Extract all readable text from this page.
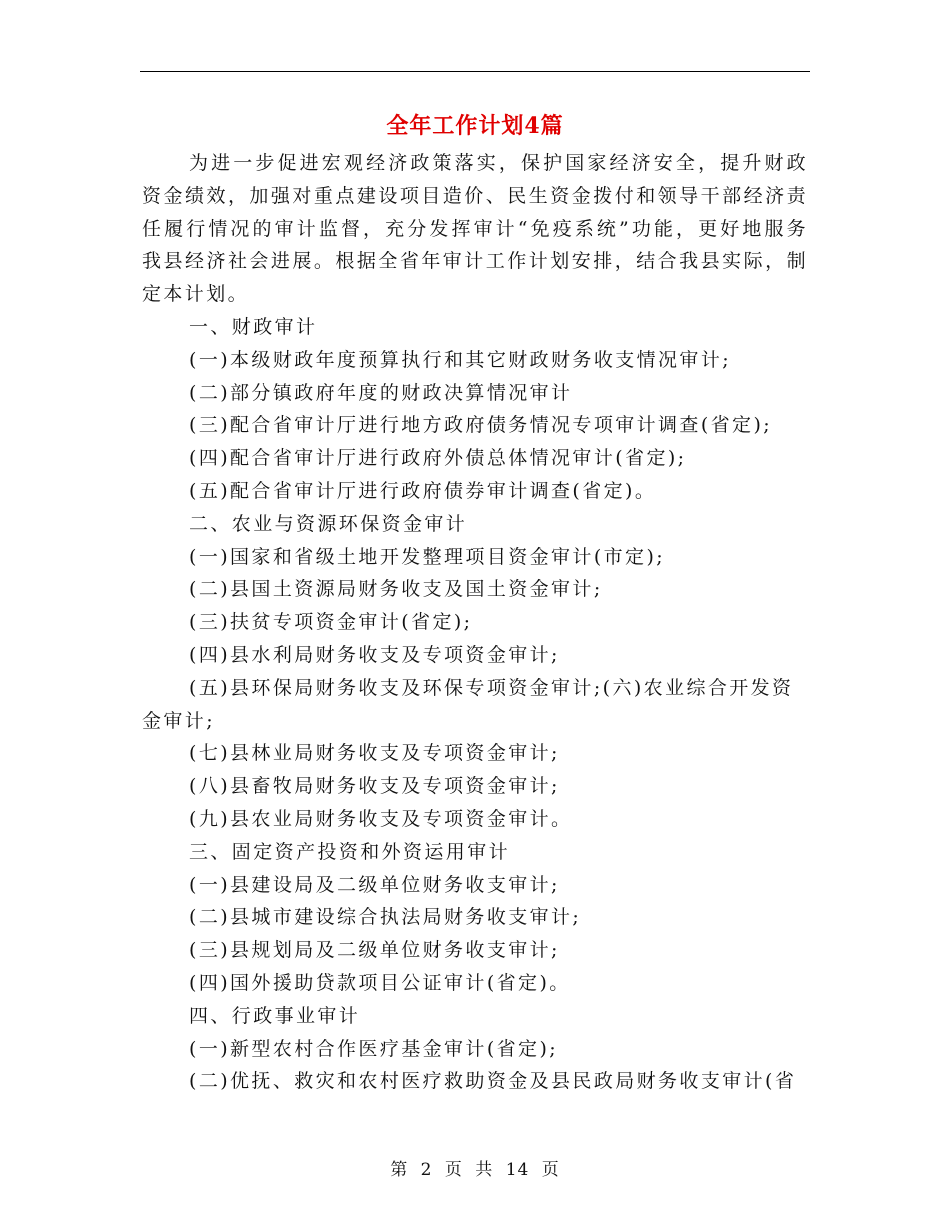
全年工作计划4篇

为进一步促进宏观经济政策落实，保护国家经济安全，提升财政资金绩效，加强对重点建设项目造价、民生资金拨付和领导干部经济责任履行情况的审计监督，充分发挥审计“免疫系统”功能，更好地服务我县经济社会进展。根据全省年审计工作计划安排，结合我县实际，制定本计划。

一、财政审计

(一)本级财政年度预算执行和其它财政财务收支情况审计;

(二)部分镇政府年度的财政决算情况审计

(三)配合省审计厅进行地方政府债务情况专项审计调查(省定);

(四)配合省审计厅进行政府外债总体情况审计(省定);

(五)配合省审计厅进行政府债券审计调查(省定)。

二、农业与资源环保资金审计

(一)国家和省级土地开发整理项目资金审计(市定);

(二)县国土资源局财务收支及国土资金审计;

(三)扶贫专项资金审计(省定);

(四)县水利局财务收支及专项资金审计;

(五)县环保局财务收支及环保专项资金审计;(六)农业综合开发资

金审计;

(七)县林业局财务收支及专项资金审计;

(八)县畜牧局财务收支及专项资金审计;

(九)县农业局财务收支及专项资金审计。

三、固定资产投资和外资运用审计

(一)县建设局及二级单位财务收支审计;

(二)县城市建设综合执法局财务收支审计;

(三)县规划局及二级单位财务收支审计;

(四)国外援助贷款项目公证审计(省定)。

四、行政事业审计

(一)新型农村合作医疗基金审计(省定);

(二)优抚、救灾和农村医疗救助资金及县民政局财务收支审计(省

第 2 页 共 14 页
